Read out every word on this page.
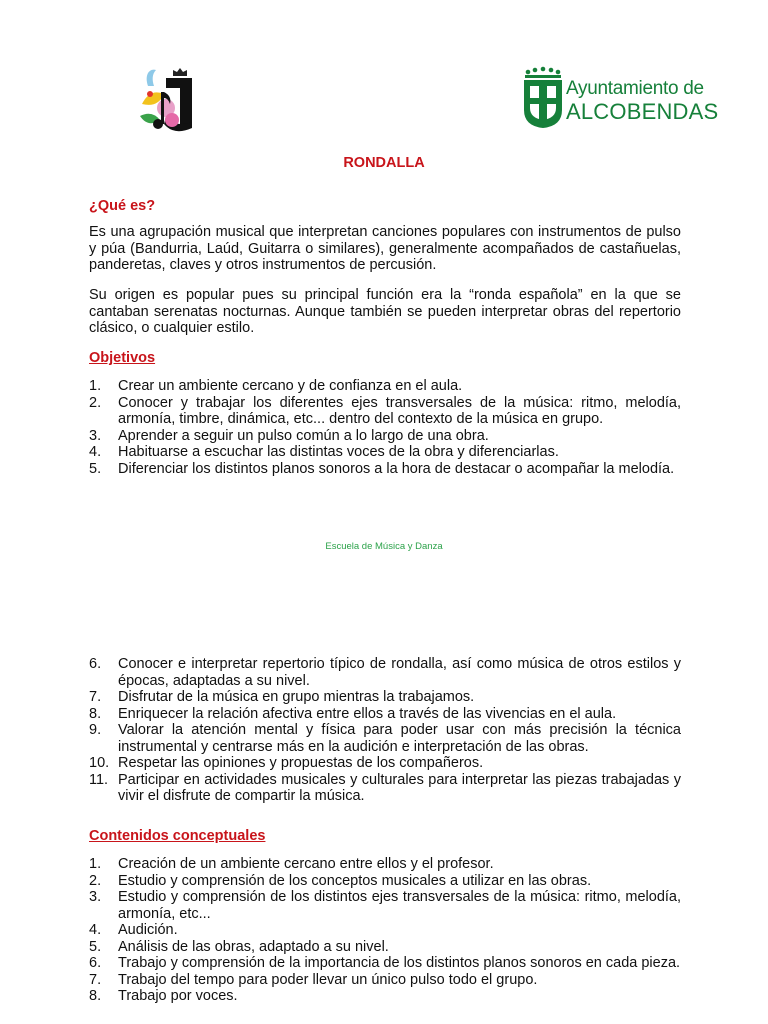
Ayuntamiento de
ALCOBENDAS
RONDALLA
¿Qué es?
Es una agrupación musical que interpretan canciones populares con instrumentos de pulso y púa (Bandurria, Laúd, Guitarra o similares), generalmente acompañados de castañuelas, panderetas, claves y otros instrumentos de percusión.
Su origen es popular pues su principal función era la “ronda española” en la que se cantaban serenatas nocturnas. Aunque también se pueden interpretar obras del repertorio clásico, o cualquier estilo.
Objetivos
1. Crear un ambiente cercano y de confianza en el aula.
2. Conocer y trabajar los diferentes ejes transversales de la música: ritmo, melodía, armonía, timbre, dinámica, etc... dentro del contexto de la música en grupo.
3. Aprender a seguir un pulso común a lo largo de una obra.
4. Habituarse a escuchar las distintas voces de la obra y diferenciarlas.
5. Diferenciar los distintos planos sonoros a la hora de destacar o acompañar la melodía.
Escuela de Música y Danza
6. Conocer e interpretar repertorio típico de rondalla, así como música de otros estilos y épocas, adaptadas a su nivel.
7. Disfrutar de la música en grupo mientras la trabajamos.
8. Enriquecer la relación afectiva entre ellos a través de las vivencias en el aula.
9. Valorar la atención mental y física para poder usar con más precisión la técnica instrumental y centrarse más en la audición e interpretación de las obras.
10. Respetar las opiniones y propuestas de los compañeros.
11. Participar en actividades musicales y culturales para interpretar las piezas trabajadas y vivir el disfrute de compartir la música.
Contenidos conceptuales
1. Creación de un ambiente cercano entre ellos y el profesor.
2. Estudio y comprensión de los conceptos musicales a utilizar en las obras.
3. Estudio y comprensión de los distintos ejes transversales de la música: ritmo, melodía, armonía, etc...
4. Audición.
5. Análisis de las obras, adaptado a su nivel.
6. Trabajo y comprensión de la importancia de los distintos planos sonoros en cada pieza.
7. Trabajo del tempo para poder llevar un único pulso todo el grupo.
8. Trabajo por voces.
